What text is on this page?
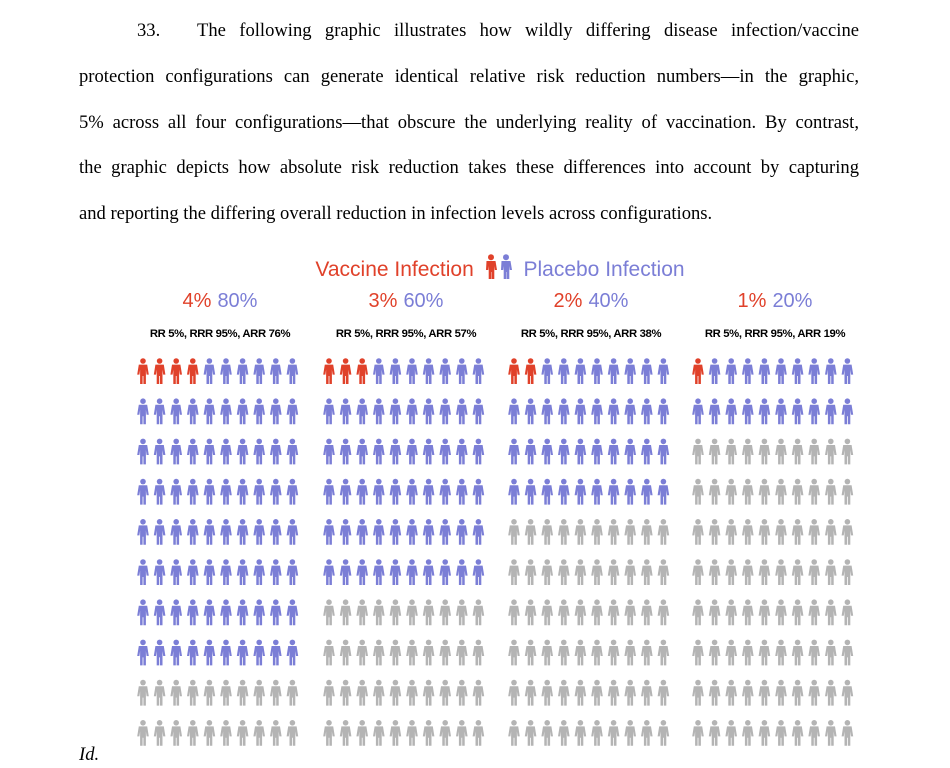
33. The following graphic illustrates how wildly differing disease infection/vaccine
protection configurations can generate identical relative risk reduction numbers—in the graphic,
5% across all four configurations—that obscure the underlying reality of vaccination. By contrast,
the graphic depicts how absolute risk reduction takes these differences into account by capturing
and reporting the differing overall reduction in infection levels across configurations.
Vaccine Infection Placebo Infection
4% 80%
RR 5%, RRR 95%, ARR 76%
3% 60%
RR 5%, RRR 95%, ARR 57%
2% 40%
RR 5%, RRR 95%, ARR 38%
1% 20%
RR 5%, RRR 95%, ARR 19%
Id.
